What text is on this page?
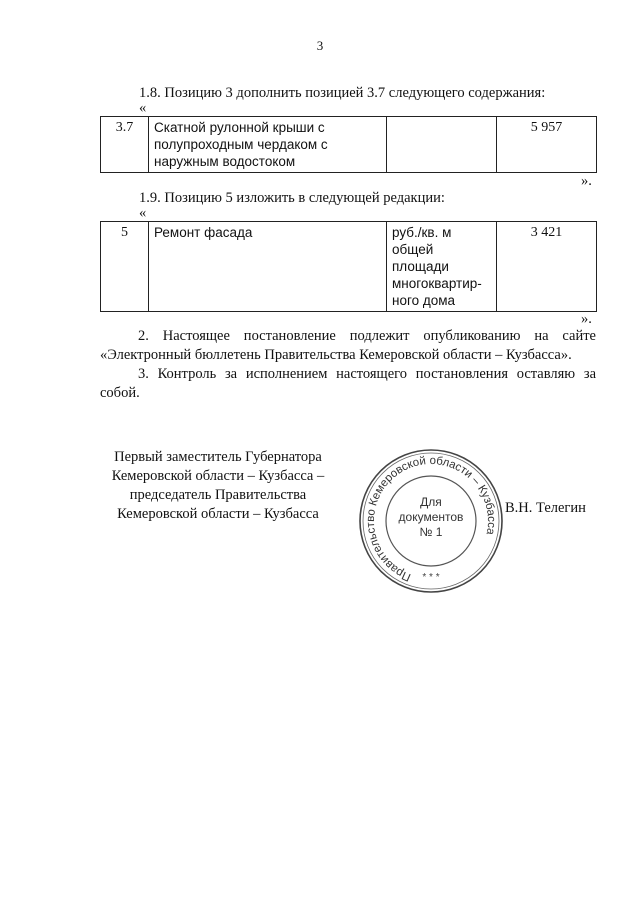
3
1.8. Позицию 3 дополнить позицией 3.7 следующего содержания:
«
3.7	Скатной рулонной крыши с полупроходным чердаком с наружным водостоком		5 957
».
1.9. Позицию 5 изложить в следующей редакции:
«
5	Ремонт фасада	руб./кв. м общей площади многоквартир-ного дома	3 421
».
2. Настоящее постановление подлежит опубликованию на сайте «Электронный бюллетень Правительства Кемеровской области – Кузбасса».
3. Контроль за исполнением настоящего постановления оставляю за собой.
Первый заместитель Губернатора
Кемеровской области – Кузбасса –
председатель Правительства
Кемеровской области – Кузбасса
Правительство Кемеровской области – Кузбасса
* * *
Для
документов
№ 1
В.Н. Телегин
